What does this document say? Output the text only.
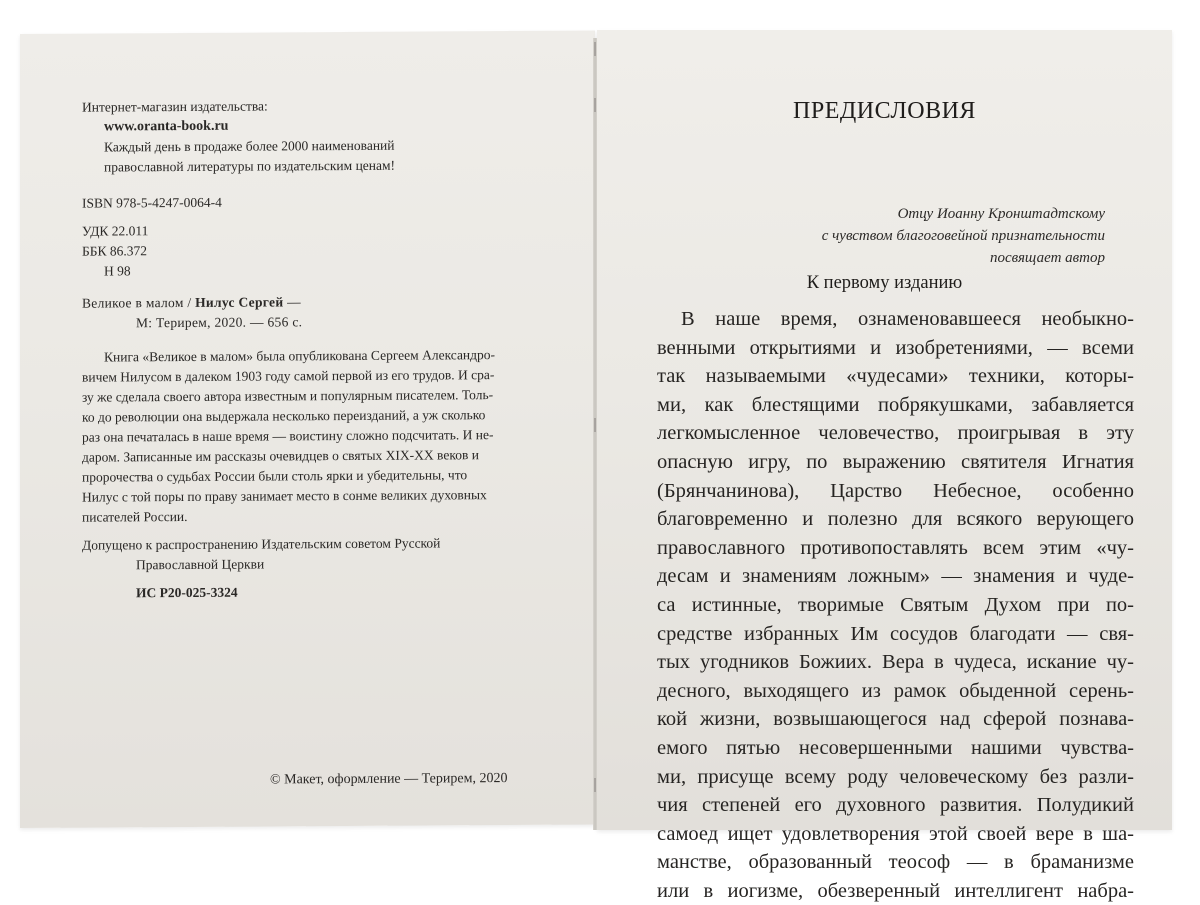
Интернет-магазин издательства:
www.oranta-book.ru
Каждый день в продаже более 2000 наименований
православной литературы по издательским ценам!
ISBN 978-5-4247-0064-4
УДК 22.011
ББК 86.372
Н 98
Великое в малом / Нилус Сергей —
М: Терирем, 2020. — 656 с.
Книга «Великое в малом» была опубликована Сергеем Александро-
вичем Нилусом в далеком 1903 году самой первой из его трудов. И сра-
зу же сделала своего автора известным и популярным писателем. Толь-
ко до революции она выдержала несколько переизданий, а уж сколько
раз она печаталась в наше время — воистину сложно подсчитать. И не-
даром. Записанные им рассказы очевидцев о святых XIX-XX веков и
пророчества о судьбах России были столь ярки и убедительны, что
Нилус с той поры по праву занимает место в сонме великих духовных
писателей России.
Допущено к распространению Издательским советом Русской
Православной Церкви
ИС Р20-025-3324
© Макет, оформление — Терирем, 2020
ПРЕДИСЛОВИЯ
Отцу Иоанну Кронштадтскому
с чувством благоговейной признательности
посвящает автор
К первому изданию
В наше время, ознаменовавшееся необыкно-
венными открытиями и изобретениями, — всеми
так называемыми «чудесами» техники, которы-
ми, как блестящими побрякушками, забавляется
легкомысленное человечество, проигрывая в эту
опасную игру, по выражению святителя Игнатия
(Брянчанинова), Царство Небесное, особенно
благовременно и полезно для всякого верующего
православного противопоставлять всем этим «чу-
десам и знамениям ложным» — знамения и чуде-
са истинные, творимые Святым Духом при по-
средстве избранных Им сосудов благодати — свя-
тых угодников Божиих. Вера в чудеса, искание чу-
десного, выходящего из рамок обыденной серень-
кой жизни, возвышающегося над сферой познава-
емого пятью несовершенными нашими чувства-
ми, присуще всему роду человеческому без разли-
чия степеней его духовного развития. Полудикий
самоед ищет удовлетворения этой своей вере в ша-
манстве, образованный теософ — в браманизме
или в иогизме, обезверенный интеллигент набра-
